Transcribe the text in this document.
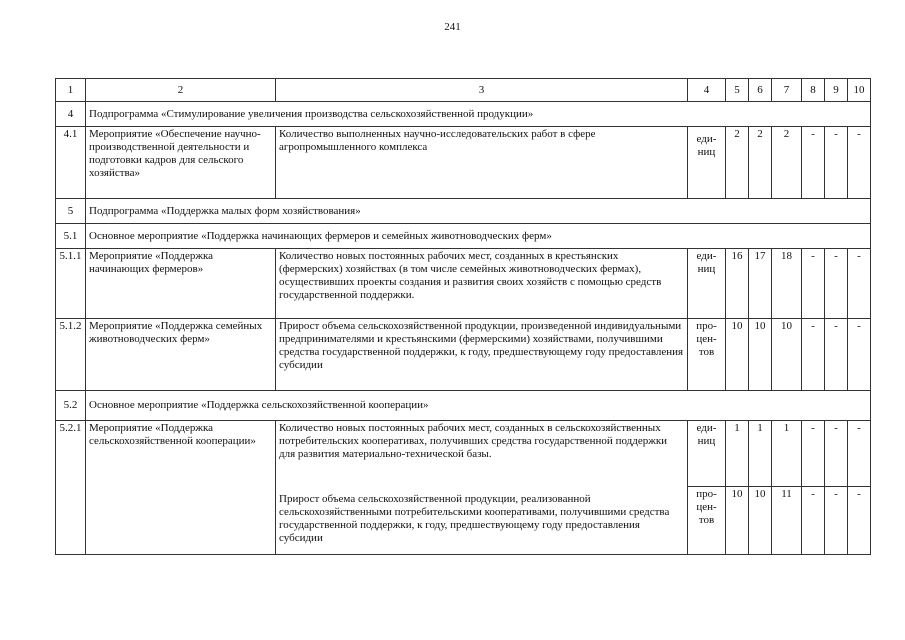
241
1	2	3	4	5	6	7	8	9	10
4	Подпрограмма «Стимулирование увеличения производства сельскохозяйственной продукции»								
4.1	Мероприятие «Обеспечение научно-производственной деятельности и подготовки кадров для сельского хозяйства»	Количество выполненных научно-исследовательских работ в сфере агропромышленного комплекса	еди-ниц	2	2	2	-	-	-
5	Подпрограмма «Поддержка малых форм хозяйствования»								
5.1	Основное мероприятие «Поддержка начинающих фермеров и семейных животноводческих ферм»								
5.1.1	Мероприятие «Поддержка начинающих фермеров»	Количество новых постоянных рабочих мест, созданных в крестьянских (фермерских) хозяйствах (в том числе семейных животноводческих фермах), осуществивших проекты создания и развития своих хозяйств с помощью средств государственной поддержки.	еди-ниц	16	17	18	-	-	-
5.1.2	Мероприятие «Поддержка семейных животноводческих ферм»	Прирост объема сельскохозяйственной продукции, произведенной индивидуальными предпринимателями и крестьянскими (фермерскими) хозяйствами, получившими средства государственной поддержки, к году, предшествующему году предоставления субсидии	про-цен-тов	10	10	10	-	-	-
5.2	Основное мероприятие «Поддержка сельскохозяйственной кооперации»								
5.2.1	Мероприятие «Поддержка сельскохозяйственной кооперации»	Количество новых постоянных рабочих мест, созданных в сельскохозяйственных потребительских кооперативах, получивших средства государственной поддержки для развития материально-технической базы.	еди-ниц	1	1	1	-	-	-
		Прирост объема сельскохозяйственной продукции, реализованной сельскохозяйственными потребительскими кооперативами, получившими средства государственной поддержки, к году, предшествующему году предоставления субсидии	про-цен-тов	10	10	11	-	-	-
